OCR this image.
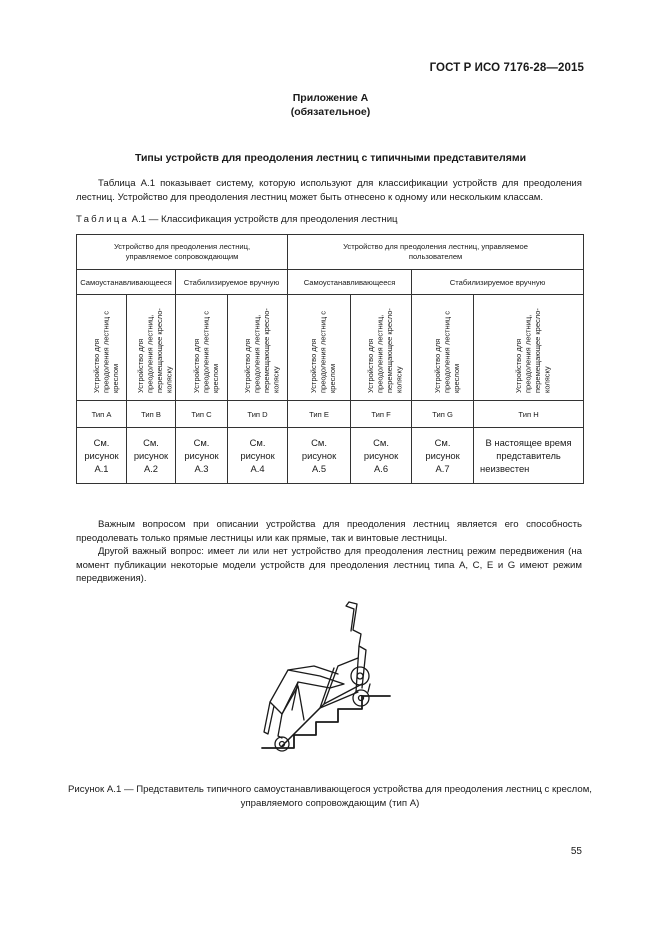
ГОСТ Р ИСО 7176-28—2015
Приложение А
(обязательное)
Типы устройств для преодоления лестниц с типичными представителями
Таблица А.1 показывает систему, которую используют для классификации устройств для преодоления лестниц. Устройство для преодоления лестниц может быть отнесено к одному или нескольким классам.
Таблица А.1 — Классификация устройств для преодоления лестниц
Устройство для преодоления лестниц, управляемое сопровождающим				Устройство для преодоления лестниц, управляемое пользователем			

Самоустанавливающееся		Стабилизируемое вручную		Самоустанавливающееся		Стабилизируемое вручную	
Устройство для преодоления лестниц с креслом	Устройство для преодоления лестниц, перемещающее кресло-коляску	Устройство для преодоления лестниц с креслом	Устройство для преодоления лестниц, перемещающее кресло-коляску	Устройство для преодоления лестниц с креслом	Устройство для преодоления лестниц, перемещающее кресло-коляску	Устройство для преодоления лестниц с креслом	Устройство для преодоления лестниц, перемещающее кресло-коляску
Тип А	Тип В	Тип С	Тип D	Тип Е	Тип F	Тип G	Тип Н

См. рисунок А.1	См. рисунок А.2	См. рисунок А.3	См. рисунок А.4	См. рисунок А.5	См. рисунок А.6	См. рисунок А.7	В настоящее время представитель неизвестен
Важным вопросом при описании устройства для преодоления лестниц является его способность преодолевать только прямые лестницы или как прямые, так и винтовые лестницы.
Другой важный вопрос: имеет ли или нет устройство для преодоления лестниц режим передвижения (на момент публикации некоторые модели устройств для преодоления лестниц типа А, С, Е и G имеют режим передвижения).
Рисунок А.1 — Представитель типичного самоустанавливающегося устройства для преодоления лестниц с креслом, управляемого сопровождающим (тип А)
55
